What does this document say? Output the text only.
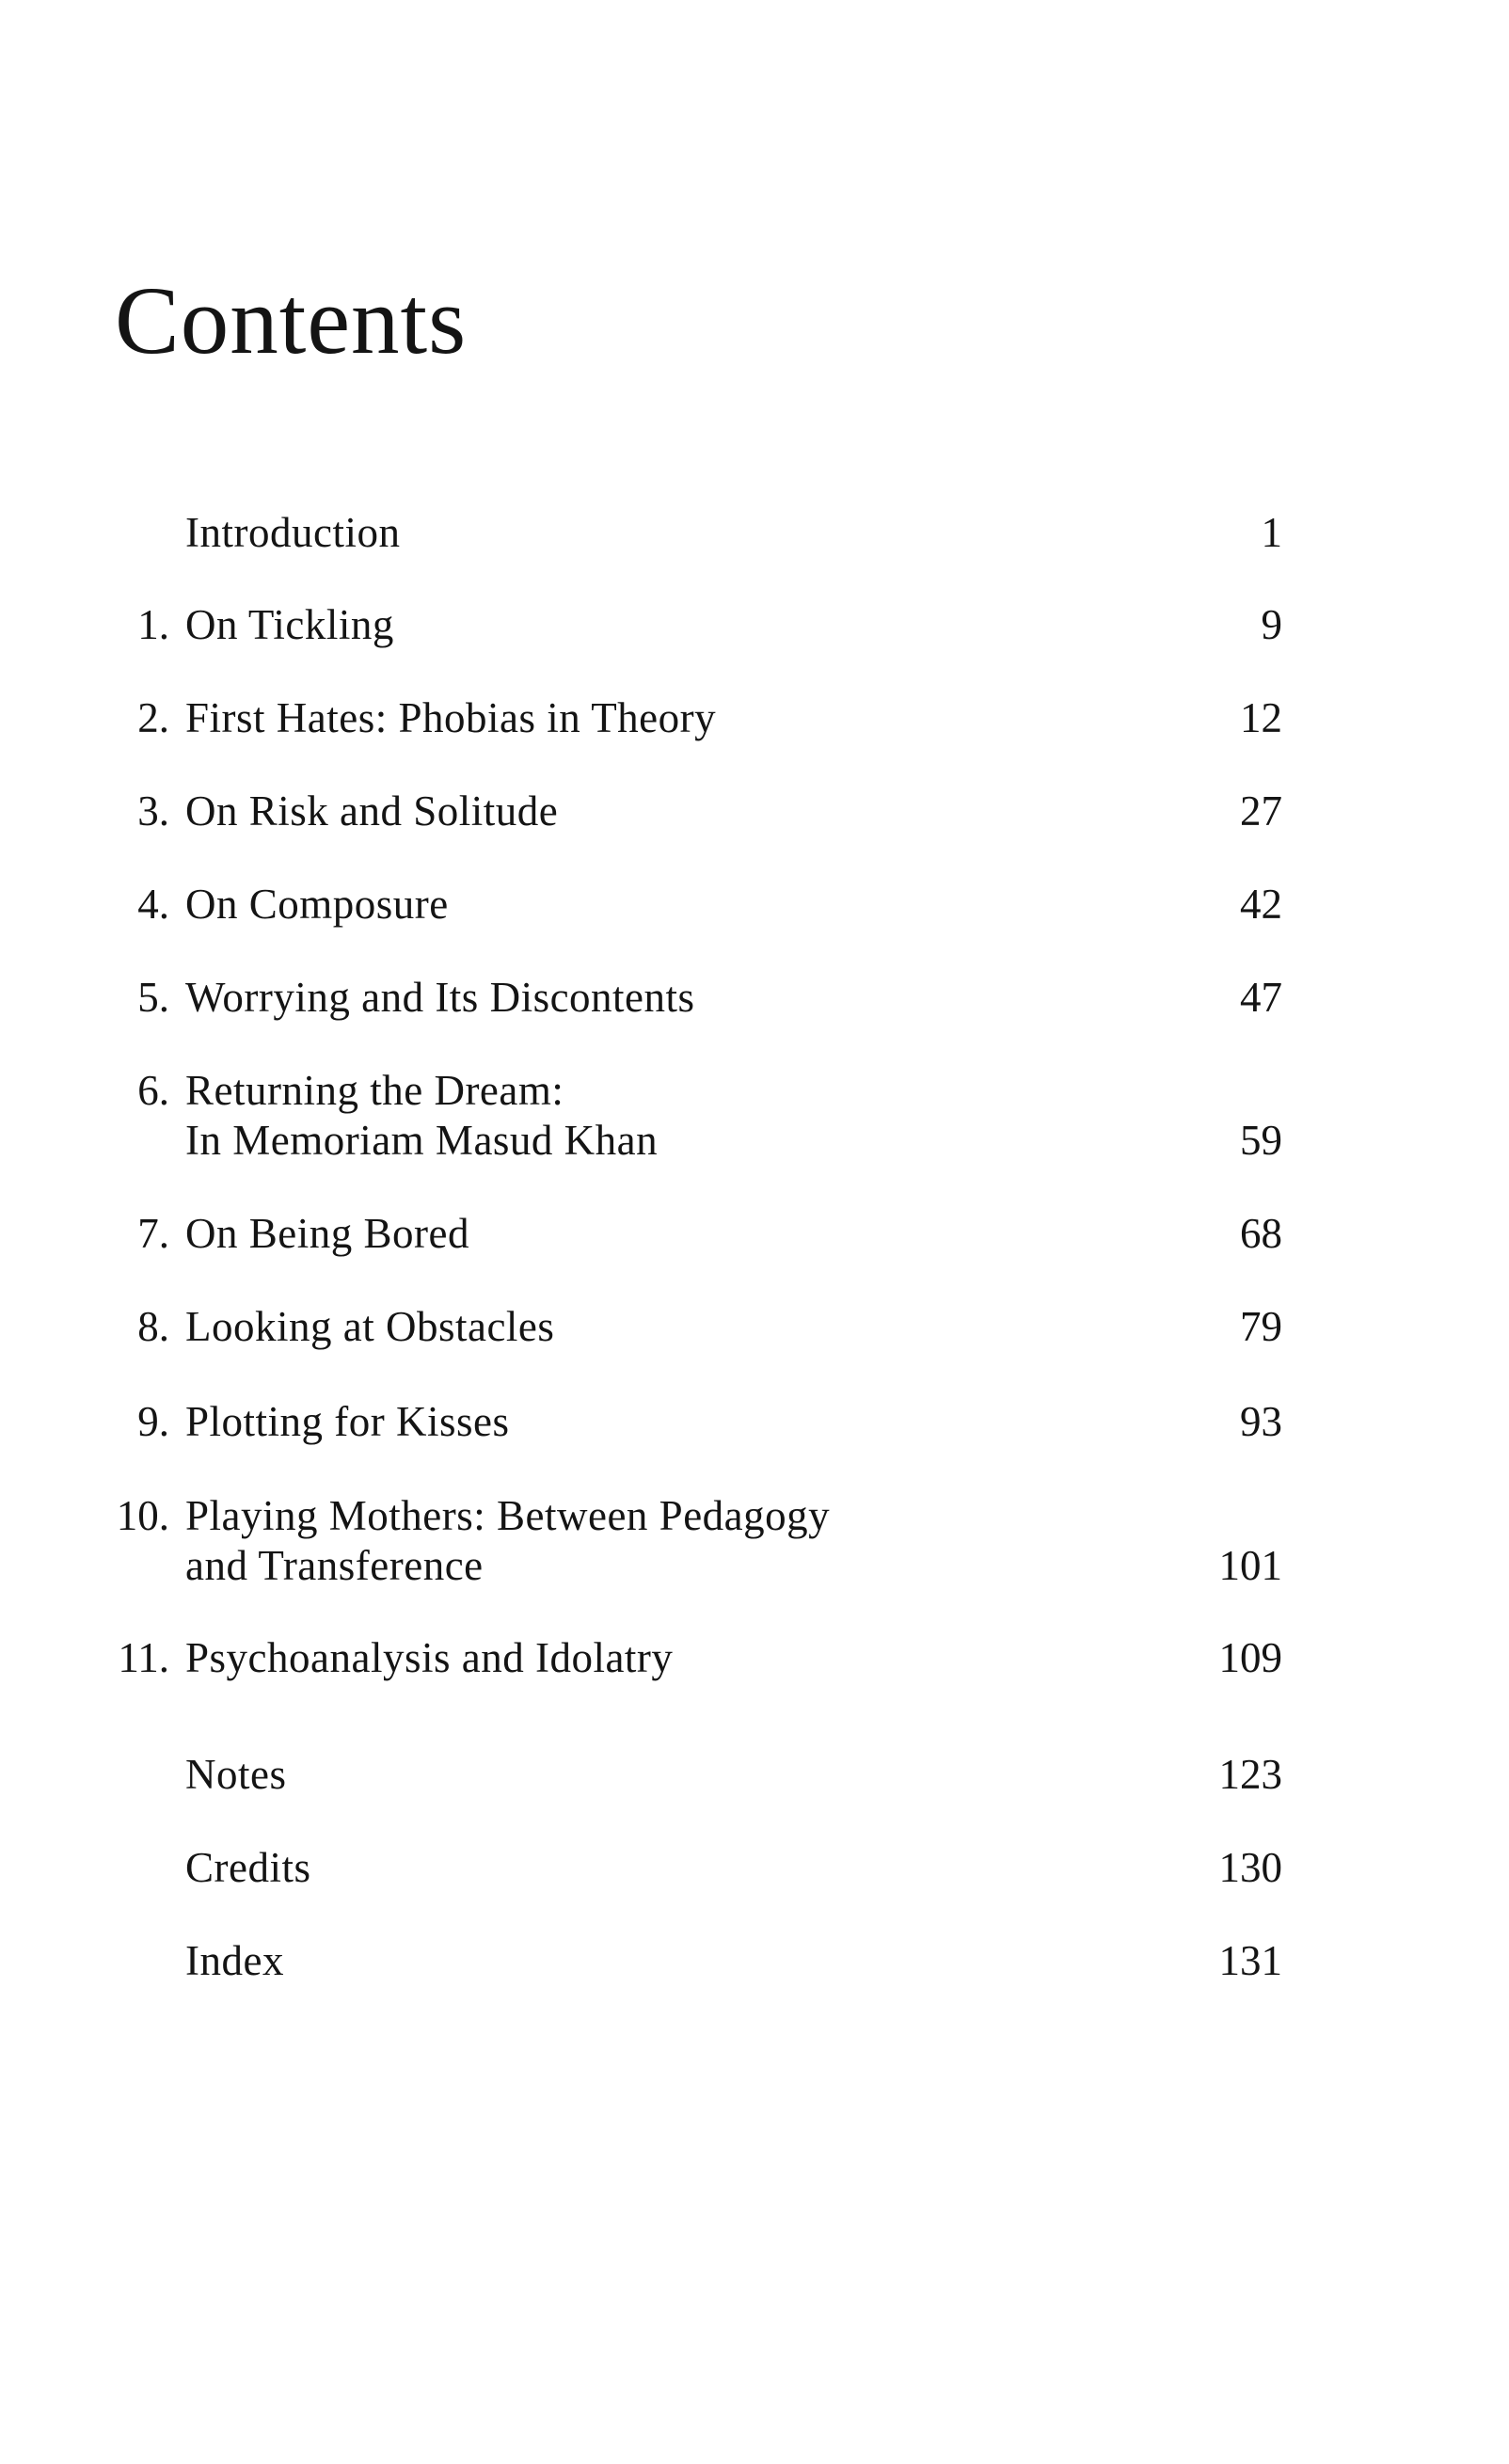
Contents
Introduction	1
1. On Tickling	9
2. First Hates: Phobias in Theory	12
3. On Risk and Solitude	27
4. On Composure	42
5. Worrying and Its Discontents	47
6. Returning the Dream:
In Memoriam Masud Khan	59
7. On Being Bored	68
8. Looking at Obstacles	79
9. Plotting for Kisses	93
10. Playing Mothers: Between Pedagogy
and Transference	101
11. Psychoanalysis and Idolatry	109
Notes	123
Credits	130
Index	131
